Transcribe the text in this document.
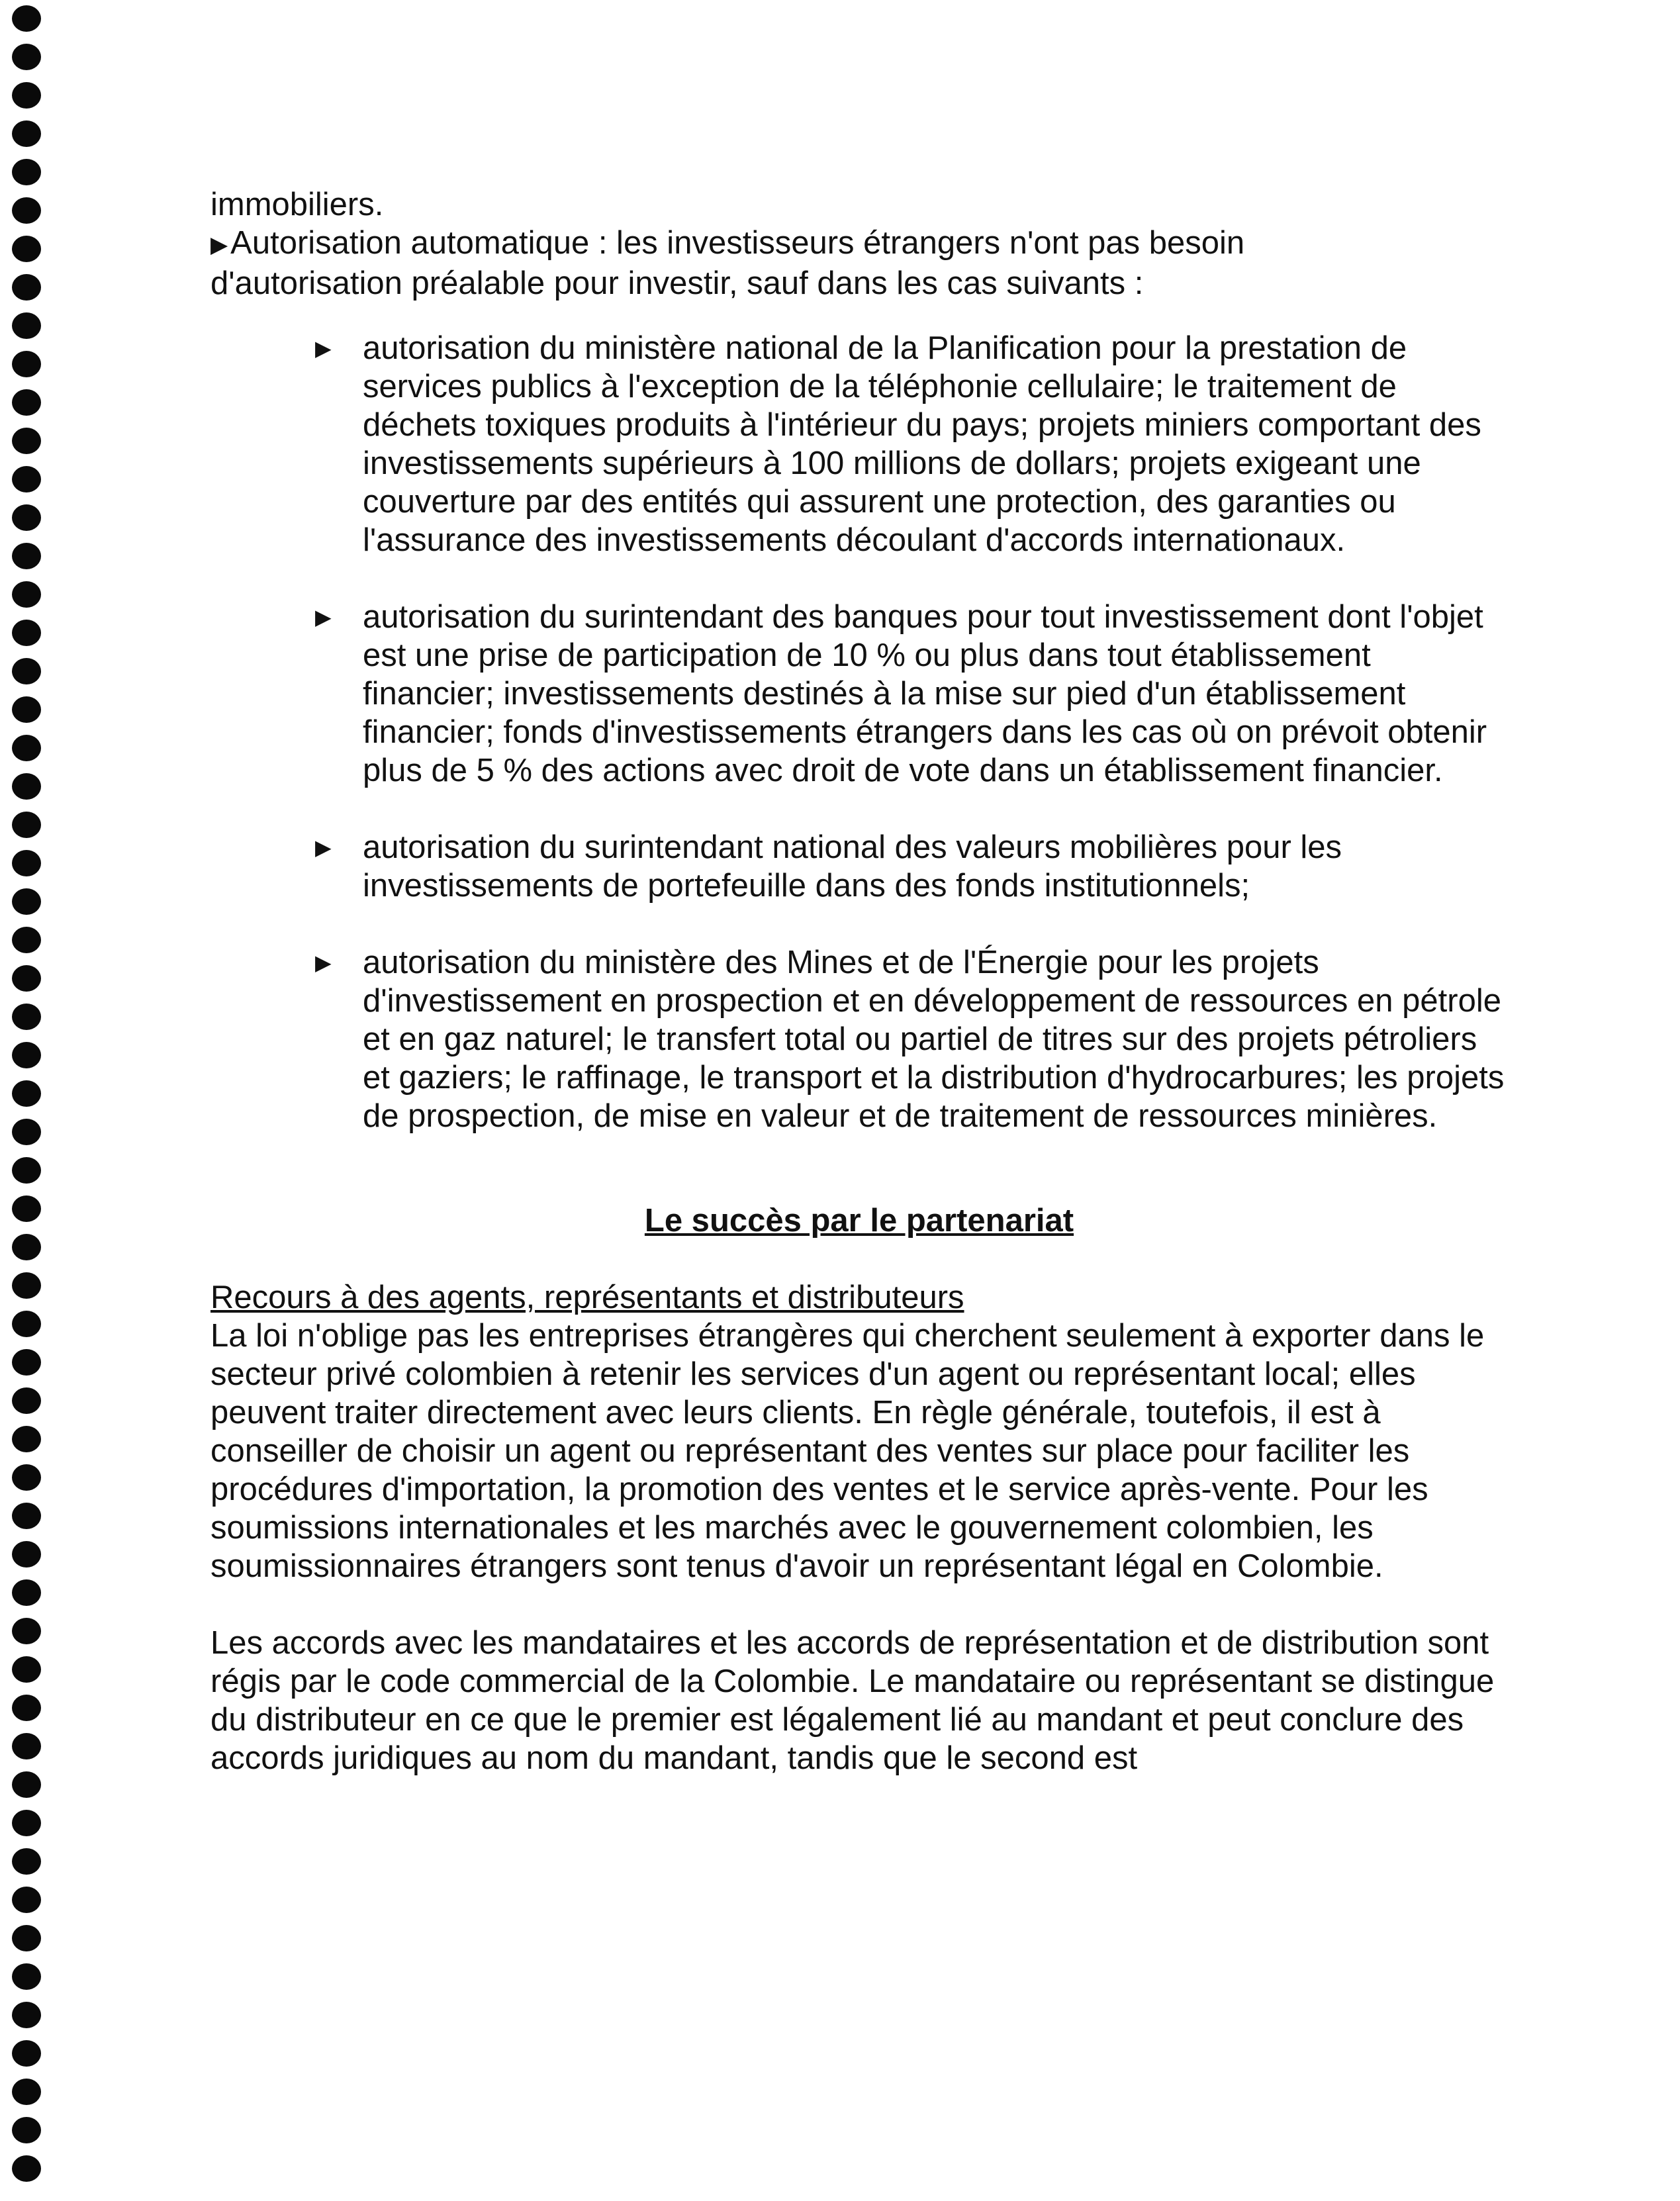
immobiliers.

▶Autorisation automatique : les investisseurs étrangers n'ont pas besoin
d'autorisation préalable pour investir, sauf dans les cas suivants :

▶ autorisation du ministère national de la Planification pour la prestation de services publics à l'exception de la téléphonie cellulaire; le traitement de déchets toxiques produits à l'intérieur du pays; projets miniers comportant des investissements supérieurs à 100 millions de dollars; projets exigeant une couverture par des entités qui assurent une protection, des garanties ou l'assurance des investissements découlant d'accords internationaux.
▶ autorisation du surintendant des banques pour tout investissement dont l'objet est une prise de participation de 10 % ou plus dans tout établissement financier; investissements destinés à la mise sur pied d'un établissement financier; fonds d'investissements étrangers dans les cas où on prévoit obtenir plus de 5 % des actions avec droit de vote dans un établissement financier.
▶ autorisation du surintendant national des valeurs mobilières pour les investissements de portefeuille dans des fonds institutionnels;
▶ autorisation du ministère des Mines et de l'Énergie pour les projets d'investissement en prospection et en développement de ressources en pétrole et en gaz naturel; le transfert total ou partiel de titres sur des projets pétroliers et gaziers; le raffinage, le transport et la distribution d'hydrocarbures; les projets de prospection, de mise en valeur et de traitement de ressources minières.
Le succès par le partenariat

Recours à des agents, représentants et distributeurs

La loi n'oblige pas les entreprises étrangères qui cherchent seulement à exporter dans le secteur privé colombien à retenir les services d'un agent ou représentant local; elles peuvent traiter directement avec leurs clients. En règle générale, toutefois, il est à conseiller de choisir un agent ou représentant des ventes sur place pour faciliter les procédures d'importation, la promotion des ventes et le service après-vente. Pour les soumissions internationales et les marchés avec le gouvernement colombien, les soumissionnaires étrangers sont tenus d'avoir un représentant légal en Colombie.

Les accords avec les mandataires et les accords de représentation et de distribution sont régis par le code commercial de la Colombie. Le mandataire ou représentant se distingue du distributeur en ce que le premier est légalement lié au mandant et peut conclure des accords juridiques au nom du mandant, tandis que le second est
